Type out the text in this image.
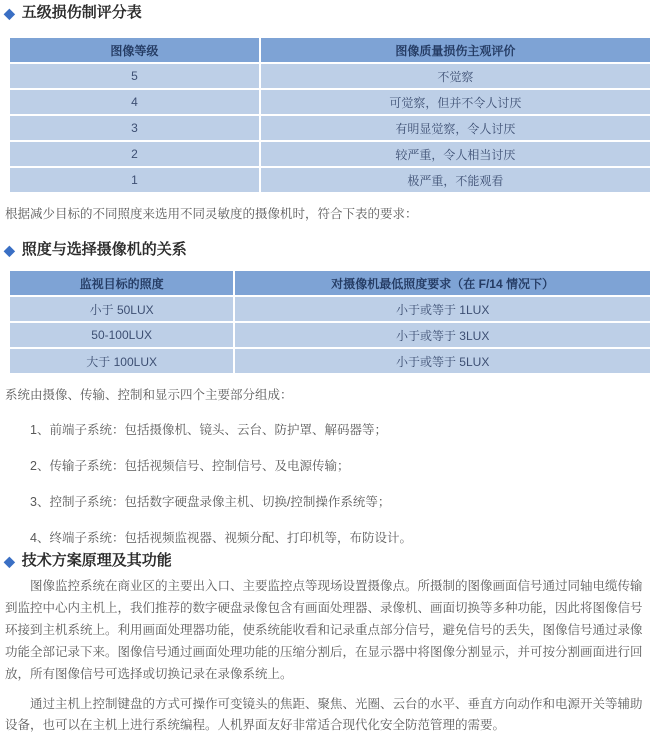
◆ 五级损伤制评分表
图像等级	图像质量损伤主观评价
5	不觉察
4	可觉察，但并不令人讨厌
3	有明显觉察，令人讨厌
2	较严重，令人相当讨厌
1	极严重，不能观看

根据减少目标的不同照度来选用不同灵敏度的摄像机时，符合下表的要求：

◆ 照度与选择摄像机的关系
监视目标的照度	对摄像机最低照度要求（在 F/14 情况下）
小于 50LUX	小于或等于 1LUX
50-100LUX	小于或等于 3LUX
大于 100LUX	小于或等于 5LUX

系统由摄像、传输、控制和显示四个主要部分组成：

1、前端子系统：包括摄像机、镜头、云台、防护罩、解码器等；

2、传输子系统：包括视频信号、控制信号、及电源传输；

3、控制子系统：包括数字硬盘录像主机、切换/控制操作系统等；

4、终端子系统：包括视频监视器、视频分配、打印机等，布防设计。

◆ 技术方案原理及其功能

图像监控系统在商业区的主要出入口、主要监控点等现场设置摄像点。所摄制的图像画面信号通过同轴电缆传输到监控中心内主机上，我们推荐的数字硬盘录像包含有画面处理器、录像机、画面切换等多种功能，因此将图像信号环接到主机系统上。利用画面处理器功能，使系统能收看和记录重点部分信号，避免信号的丢失，图像信号通过录像功能全部记录下来。图像信号通过画面处理功能的压缩分割后，在显示器中将图像分割显示，并可按分割画面进行回放，所有图像信号可选择或切换记录在录像系统上。

通过主机上控制键盘的方式可操作可变镜头的焦距、聚焦、光圈、云台的水平、垂直方向动作和电源开关等辅助设备，也可以在主机上进行系统编程。人机界面友好非常适合现代化安全防范管理的需要。
